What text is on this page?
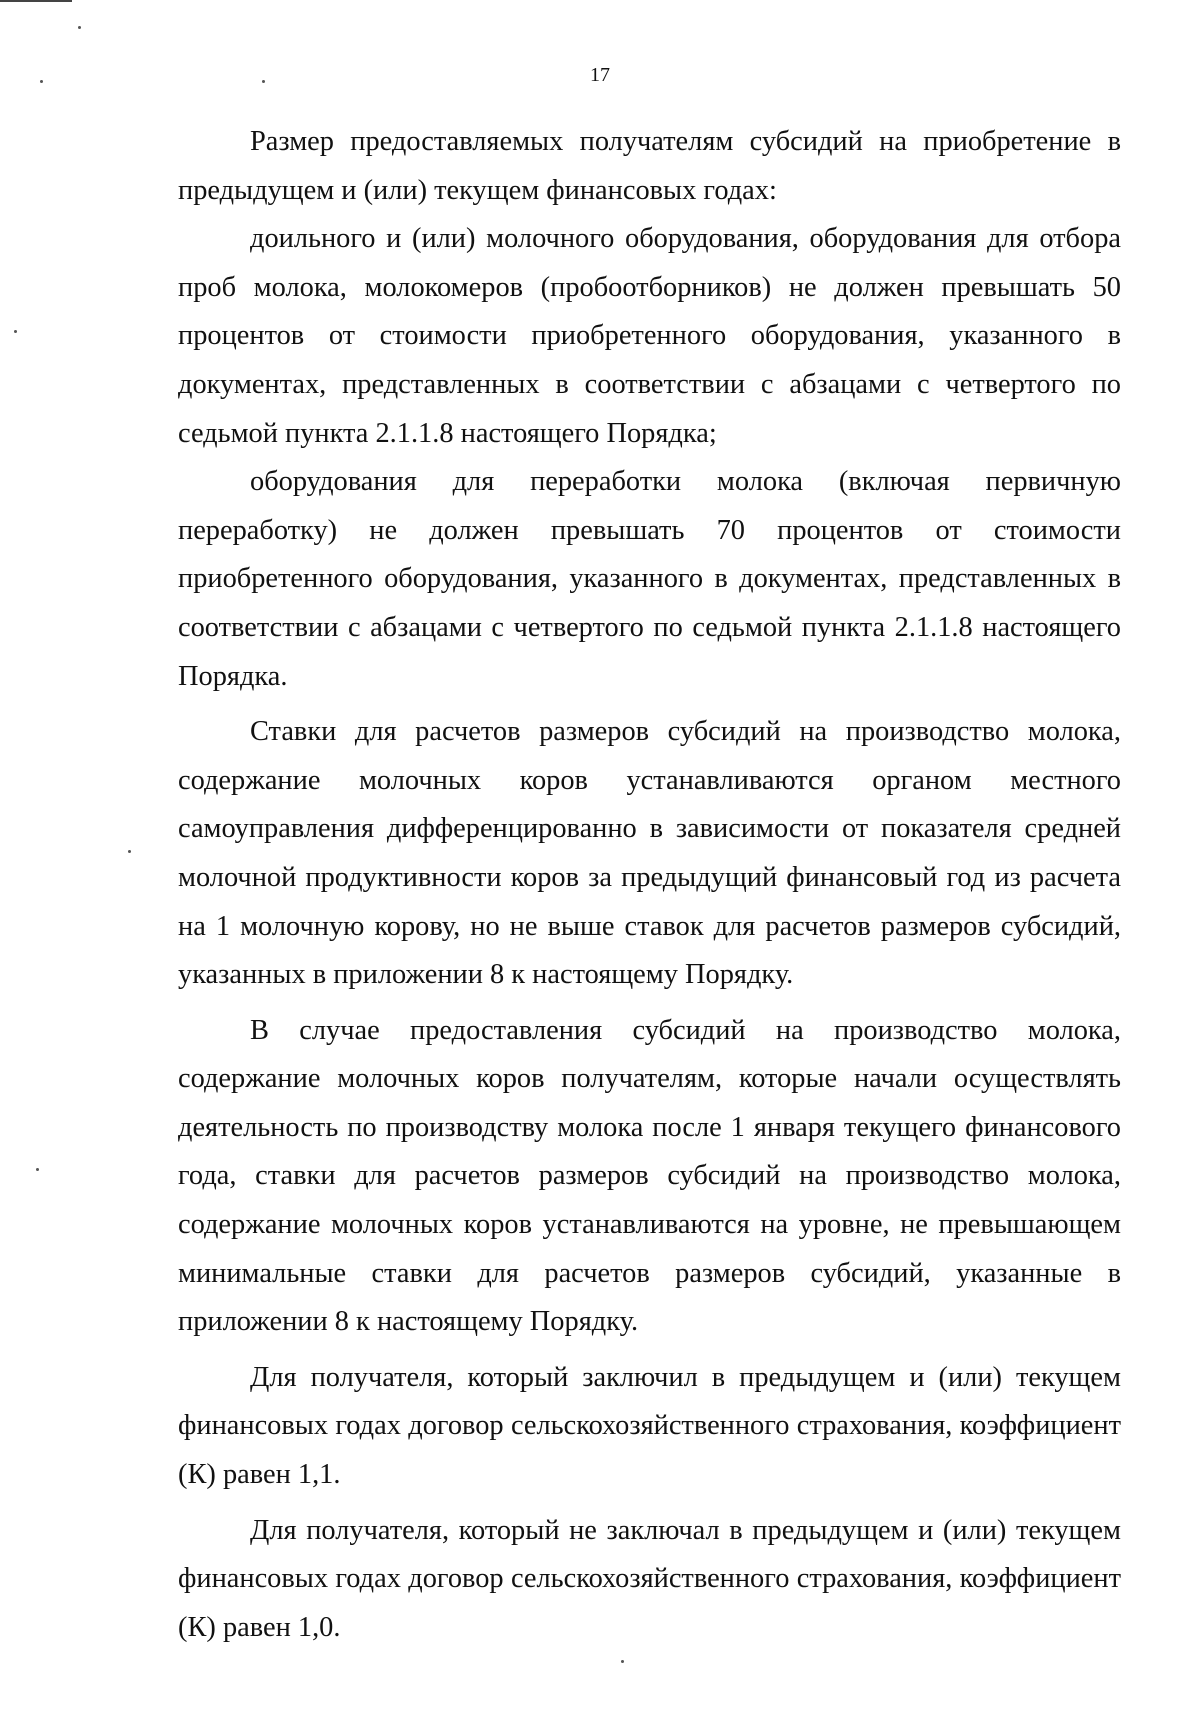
17

Размер предоставляемых получателям субсидий на приобретение в предыдущем и (или) текущем финансовых годах:

доильного и (или) молочного оборудования, оборудования для отбора проб молока, молокомеров (пробоотборников) не должен превышать 50 процентов от стоимости приобретенного оборудования, указанного в документах, представленных в соответствии с абзацами с четвертого по седьмой пункта 2.1.1.8 настоящего Порядка;

оборудования для переработки молока (включая первичную переработку) не должен превышать 70 процентов от стоимости приобретенного оборудования, указанного в документах, представленных в соответствии с абзацами с четвертого по седьмой пункта 2.1.1.8 настоящего Порядка.

Ставки для расчетов размеров субсидий на производство молока, содержание молочных коров устанавливаются органом местного самоуправления дифференцированно в зависимости от показателя средней молочной продуктивности коров за предыдущий финансовый год из расчета на 1 молочную корову, но не выше ставок для расчетов размеров субсидий, указанных в приложении 8 к настоящему Порядку.

В случае предоставления субсидий на производство молока, содержание молочных коров получателям, которые начали осуществлять деятельность по производству молока после 1 января текущего финансового года, ставки для расчетов размеров субсидий на производство молока, содержание молочных коров устанавливаются на уровне, не превышающем минимальные ставки для расчетов размеров субсидий, указанные в приложении 8 к настоящему Порядку.

Для получателя, который заключил в предыдущем и (или) текущем финансовых годах договор сельскохозяйственного страхования, коэффициент (К) равен 1,1.

Для получателя, который не заключал в предыдущем и (или) текущем финансовых годах договор сельскохозяйственного страхования, коэффициент (К) равен 1,0.
